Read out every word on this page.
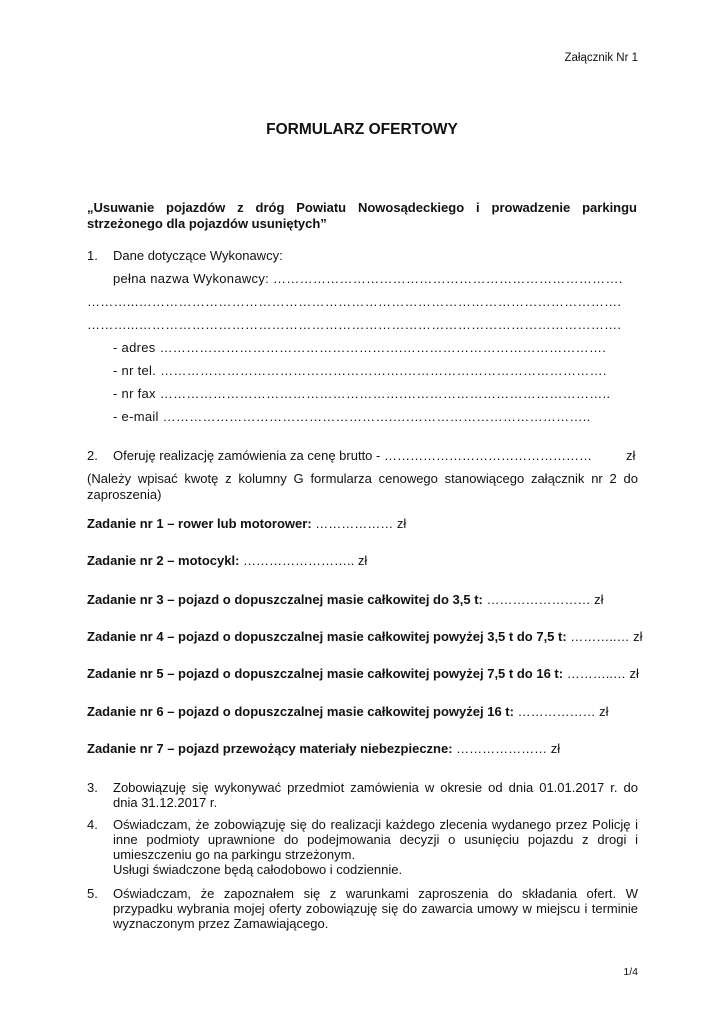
Załącznik Nr 1
FORMULARZ OFERTOWY
„Usuwanie pojazdów z dróg Powiatu Nowosądeckiego i prowadzenie parkingu strzeżonego dla pojazdów usuniętych”
1. Dane dotyczące Wykonawcy:
pełna nazwa Wykonawcy: …………………………………………………………………….
………...……………………………………………………………………………………………….
………...……………………………………………………………………………………………….
- adres ……………………………………………….……………………………………….
- nr tel. ……………………………………………….……………………………………….
- nr fax ……………………………………………….………………………………………..
- e-mail …………………………………………….….…………………………………..
2. Oferuję realizację zamówienia za cenę brutto - …………………………………………	zł
(Należy wpisać kwotę z kolumny G formularza cenowego stanowiącego załącznik nr 2 do zaproszenia)
Zadanie nr 1 – rower lub motorower: ……………… zł
Zadanie nr 2 – motocykl: …………………….. zł
Zadanie nr 3 – pojazd o dopuszczalnej masie całkowitej do 3,5 t: …………………… zł
Zadanie nr 4 – pojazd o dopuszczalnej masie całkowitej powyżej 3,5 t do 7,5 t: ………..… zł
Zadanie nr 5 – pojazd o dopuszczalnej masie całkowitej powyżej 7,5 t do 16 t: ………..… zł
Zadanie nr 6 – pojazd o dopuszczalnej masie całkowitej powyżej 16 t: ……………… zł
Zadanie nr 7 – pojazd przewożący materiały niebezpieczne: ………………… zł
3. Zobowiązuję się wykonywać przedmiot zamówienia w okresie od dnia 01.01.2017 r. do dnia 31.12.2017 r.
4. Oświadczam, że zobowiązuję się do realizacji każdego zlecenia wydanego przez Policję i inne podmioty uprawnione do podejmowania decyzji o usunięciu pojazdu z drogi i umieszczeniu go na parkingu strzeżonym.
Usługi świadczone będą całodobowo i codziennie.
5. Oświadczam, że zapoznałem się z warunkami zaproszenia do składania ofert. W przypadku wybrania mojej oferty zobowiązuję się do zawarcia umowy w miejscu i terminie wyznaczonym przez Zamawiającego.
1/4
